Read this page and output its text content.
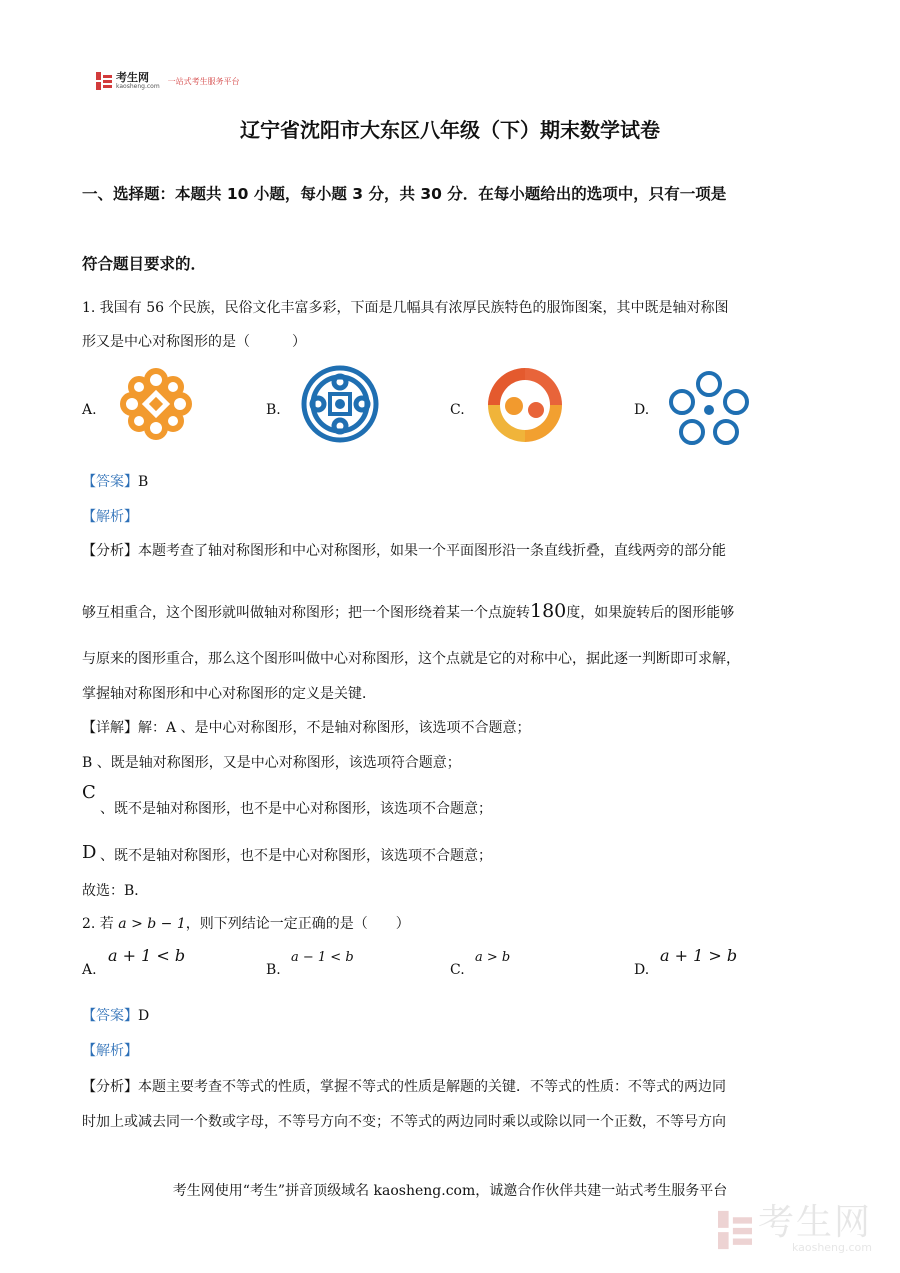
考生网
kaosheng.com
一站式考生服务平台
辽宁省沈阳市大东区八年级（下）期末数学试卷
一、选择题：本题共 10 小题，每小题 3 分，共 30 分．在每小题给出的选项中，只有一项是
符合题目要求的．
1. 我国有 56 个民族，民俗文化丰富多彩，下面是几幅具有浓厚民族特色的服饰图案，其中既是轴对称图
形又是中心对称图形的是（　　　）
A.	B.	C.	D.
【答案】B
【解析】
【分析】本题考查了轴对称图形和中心对称图形，如果一个平面图形沿一条直线折叠，直线两旁的部分能
够互相重合，这个图形就叫做轴对称图形；把一个图形绕着某一个点旋转180度，如果旋转后的图形能够
与原来的图形重合，那么这个图形叫做中心对称图形，这个点就是它的对称中心，据此逐一判断即可求解，
掌握轴对称图形和中心对称图形的定义是关键．
【详解】解：A 、是中心对称图形，不是轴对称图形，该选项不合题意；
B 、既是轴对称图形，又是中心对称图形，该选项符合题意；
C
、既不是轴对称图形，也不是中心对称图形，该选项不合题意；
D 、既不是轴对称图形，也不是中心对称图形，该选项不合题意；
故选：B．
2. 若 a > b − 1，则下列结论一定正确的是（　　）
A.
a + 1 < b
B.
a − 1 < b
C.
a > b
D.
a + 1 > b
【答案】D
【解析】
【分析】本题主要考查不等式的性质，掌握不等式的性质是解题的关键．不等式的性质：不等式的两边同
时加上或减去同一个数或字母，不等号方向不变；不等式的两边同时乘以或除以同一个正数，不等号方向
考生网使用“考生”拼音顶级域名 kaosheng.com，诚邀合作伙伴共建一站式考生服务平台
考生网
kaosheng.com
